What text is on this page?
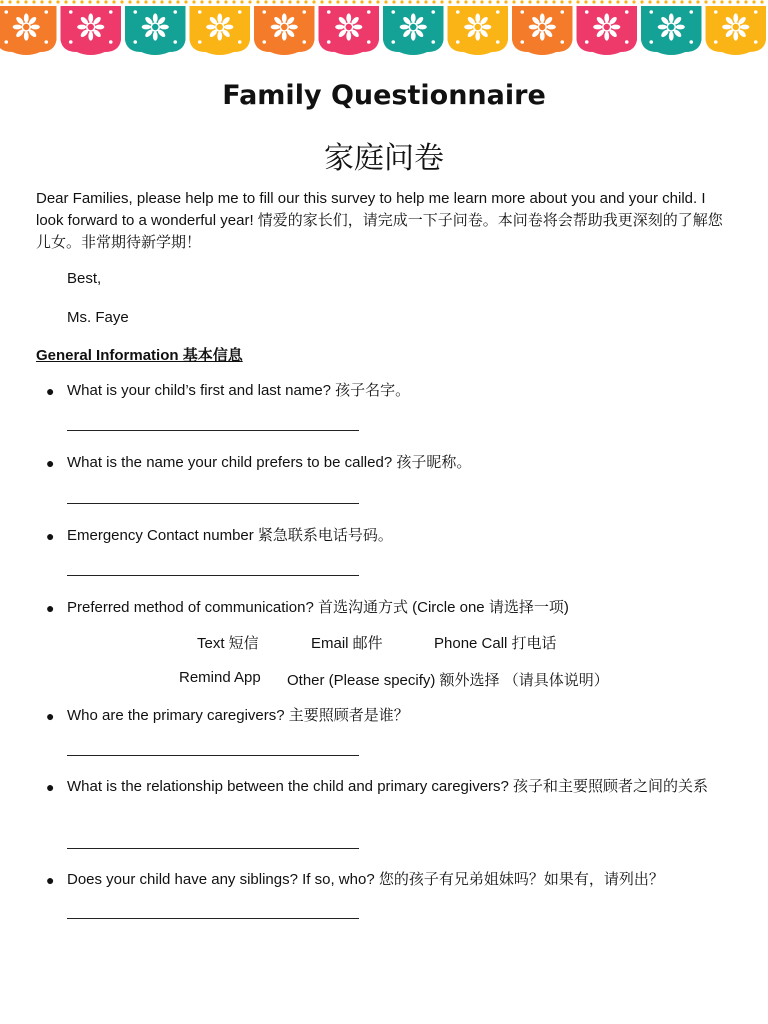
Family Questionnaire
家庭问卷
Dear Families, please help me to fill our this survey to help me learn more about you and your child. I look forward to a wonderful year! 情爱的家长们，请完成一下子问卷。本问卷将会帮助我更深刻的了解您儿女。非常期待新学期！
Best,
Ms. Faye
General Information 基本信息
● What is your child’s first and last name? 孩子名字。
● What is the name your child prefers to be called? 孩子昵称。
● Emergency Contact number 紧急联系电话号码。
● Preferred method of communication? 首选沟通方式 (Circle one 请选择一项)
Text 短信	Email 邮件	Phone Call 打电话
Remind App Other (Please specify) 额外选择 （请具体说明）
● Who are the primary caregivers? 主要照顾者是谁？
● What is the relationship between the child and primary caregivers? 孩子和主要照顾者之间的关系
● Does your child have any siblings? If so, who? 您的孩子有兄弟姐妹吗？如果有，请列出？
